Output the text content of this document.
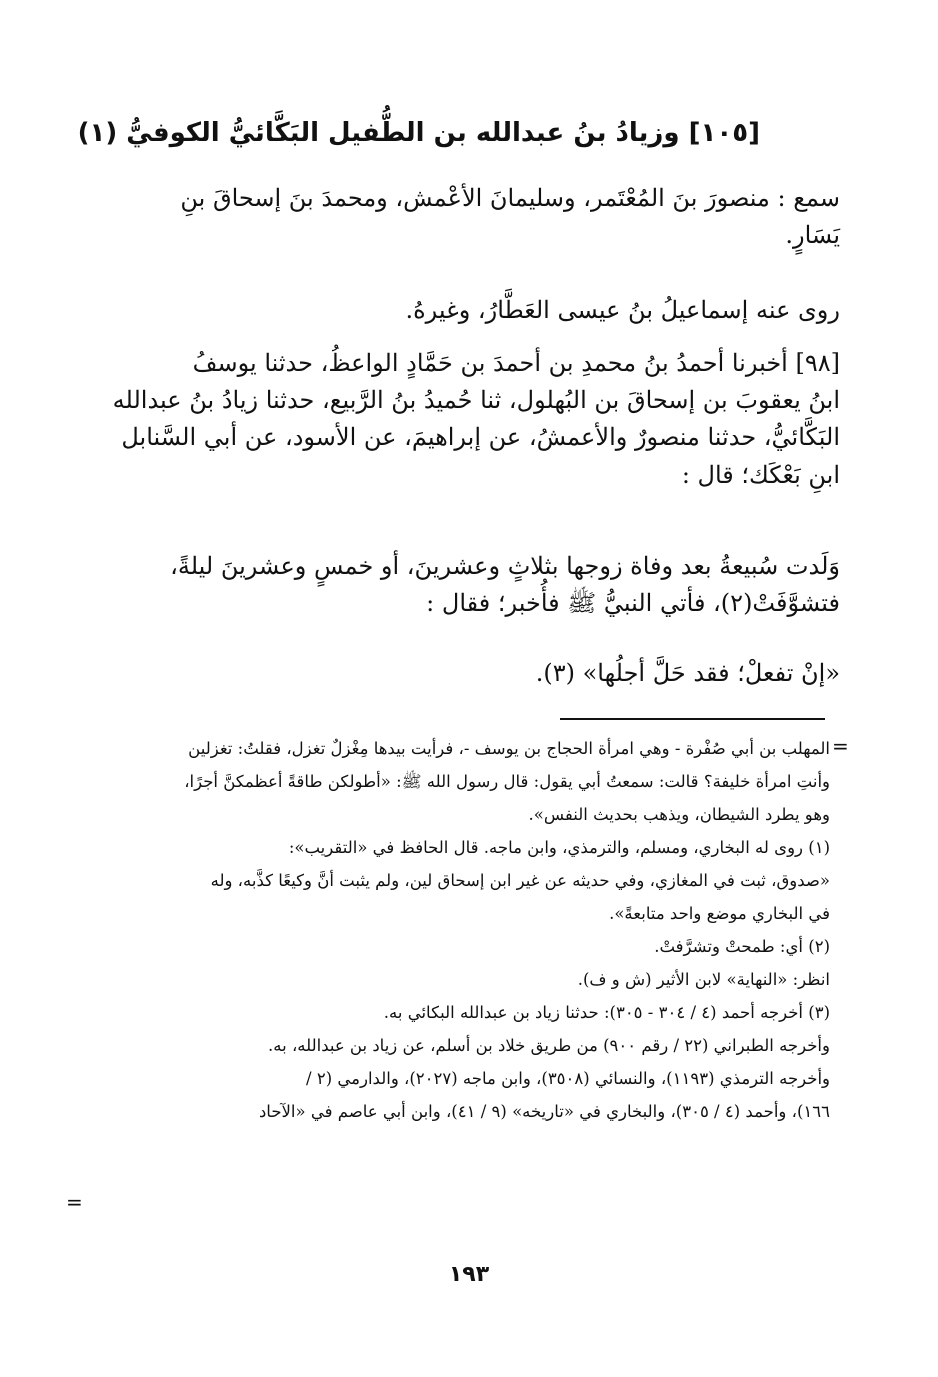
[١٠٥] وزيادُ بنُ عبدالله بن الطُّفيل البَكَّائيُّ الكوفيُّ (١)

سمع : منصورَ بنَ المُعْتَمر، وسليمانَ الأعْمش، ومحمدَ بنَ إسحاقَ بنِ

يَسَارٍ.

روى عنه إسماعيلُ بنُ عيسى العَطَّارُ، وغيرهُ.

[٩٨] أخبرنا أحمدُ بنُ محمدِ بن أحمدَ بن حَمَّادٍ الواعظُ، حدثنا يوسفُ

ابنُ يعقوبَ بن إسحاقَ بن البُهلول، ثنا حُميدُ بنُ الرَّبيع، حدثنا زيادُ بنُ عبدالله

البَكَّائيُّ، حدثنا منصورٌ والأعمشُ، عن إبراهيمَ، عن الأسود، عن أبي السَّنابل

ابنِ بَعْكَك؛ قال :

وَلَدت سُبيعةُ بعد وفاة زوجها بثلاثٍ وعشرينَ، أو خمسٍ وعشرينَ ليلةً،

فتشوَّفَتْ(٢)، فأتي النبيُّ ﷺ فأُخبر؛ فقال :

«إنْ تفعلْ؛ فقد حَلَّ أجلُها» (٣).

=

المهلب بن أبي صُفْرة - وهي امرأة الحجاج بن يوسف -، فرأيت بيدها مِغْزلٌ تغزل، فقلتُ: تغزلين

وأنتِ امرأة خليفة؟ قالت: سمعتُ أبي يقول: قال رسول الله ﷺ: «أطولكن طاقةً أعظمكنَّ أجرًا،

وهو يطرد الشيطان، ويذهب بحديث النفس».

(١) روى له البخاري، ومسلم، والترمذي، وابن ماجه. قال الحافظ في «التقريب»:

«صدوق، ثبت في المغازي، وفي حديثه عن غير ابن إسحاق لين، ولم يثبت أنَّ وكيعًا كذَّبه، وله

في البخاري موضع واحد متابعةً».

(٢) أي: طمحتْ وتشرَّفتْ.

انظر: «النهاية» لابن الأثير (ش و ف).

(٣) أخرجه أحمد (٤ / ٣٠٤ - ٣٠٥): حدثنا زياد بن عبدالله البكائي به.

وأخرجه الطبراني (٢٢ / رقم ٩٠٠) من طريق خلاد بن أسلم، عن زياد بن عبدالله، به.

وأخرجه الترمذي (١١٩٣)، والنسائي (٣٥٠٨)، وابن ماجه (٢٠٢٧)، والدارمي (٢ /

١٦٦)، وأحمد (٤ / ٣٠٥)، والبخاري في «تاريخه» (٩ / ٤١)، وابن أبي عاصم في «الآحاد

=
١٩٣
